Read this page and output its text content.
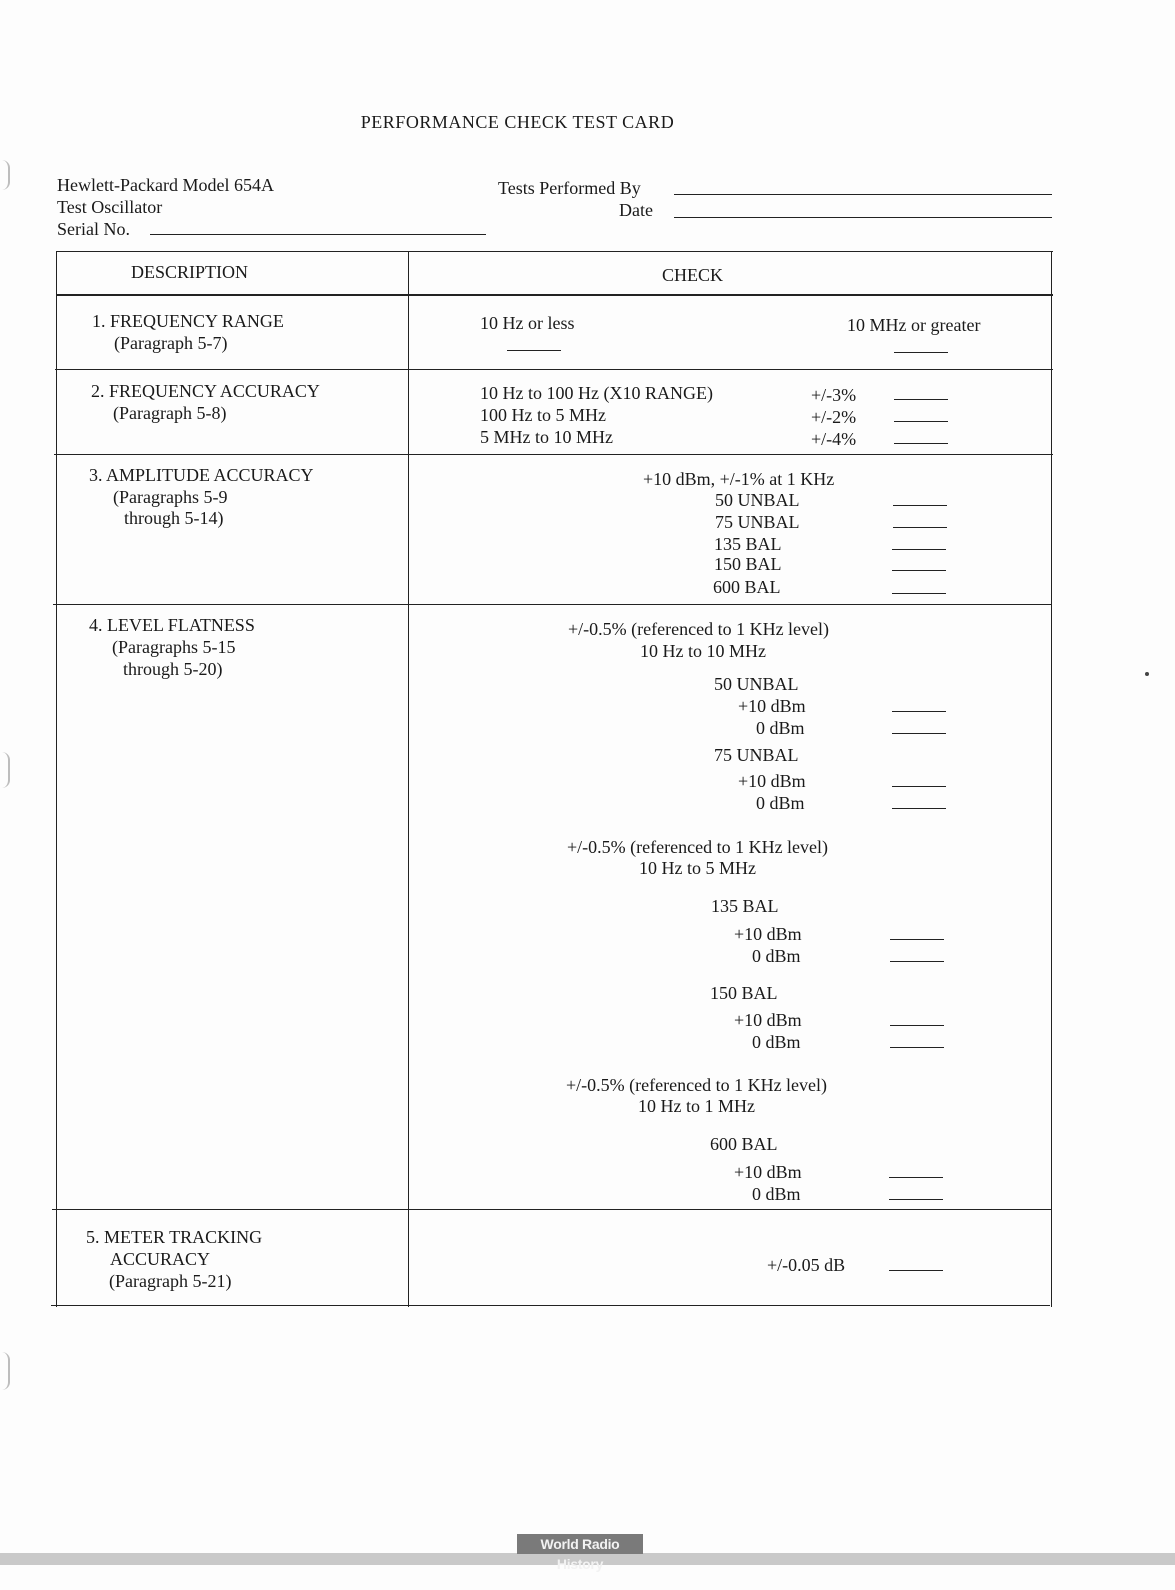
PERFORMANCE CHECK TEST CARD
Hewlett-Packard Model 654A
Test Oscillator
Serial No.
Tests Performed By
Date
DESCRIPTION	CHECK
1. FREQUENCY RANGE
(Paragraph 5-7)
10 Hz or less	10 MHz or greater
2. FREQUENCY ACCURACY
(Paragraph 5-8)
10 Hz to 100 Hz (X10 RANGE)	+/-3%
100 Hz to 5 MHz	+/-2%
5 MHz to 10 MHz	+/-4%
3. AMPLITUDE ACCURACY
(Paragraphs 5-9
through 5-14)
+10 dBm, +/-1% at 1 KHz
50 UNBAL
75 UNBAL
135 BAL
150 BAL
600 BAL
4. LEVEL FLATNESS
(Paragraphs 5-15
through 5-20)
+/-0.5% (referenced to 1 KHz level)
10 Hz to 10 MHz
50 UNBAL
+10 dBm
0 dBm
75 UNBAL
+10 dBm
0 dBm
+/-0.5% (referenced to 1 KHz level)
10 Hz to 5 MHz
135 BAL
+10 dBm
0 dBm
150 BAL
+10 dBm
0 dBm
+/-0.5% (referenced to 1 KHz level)
10 Hz to 1 MHz
600 BAL
+10 dBm
0 dBm
5. METER TRACKING
ACCURACY
(Paragraph 5-21)
+/-0.05 dB
World Radio History
